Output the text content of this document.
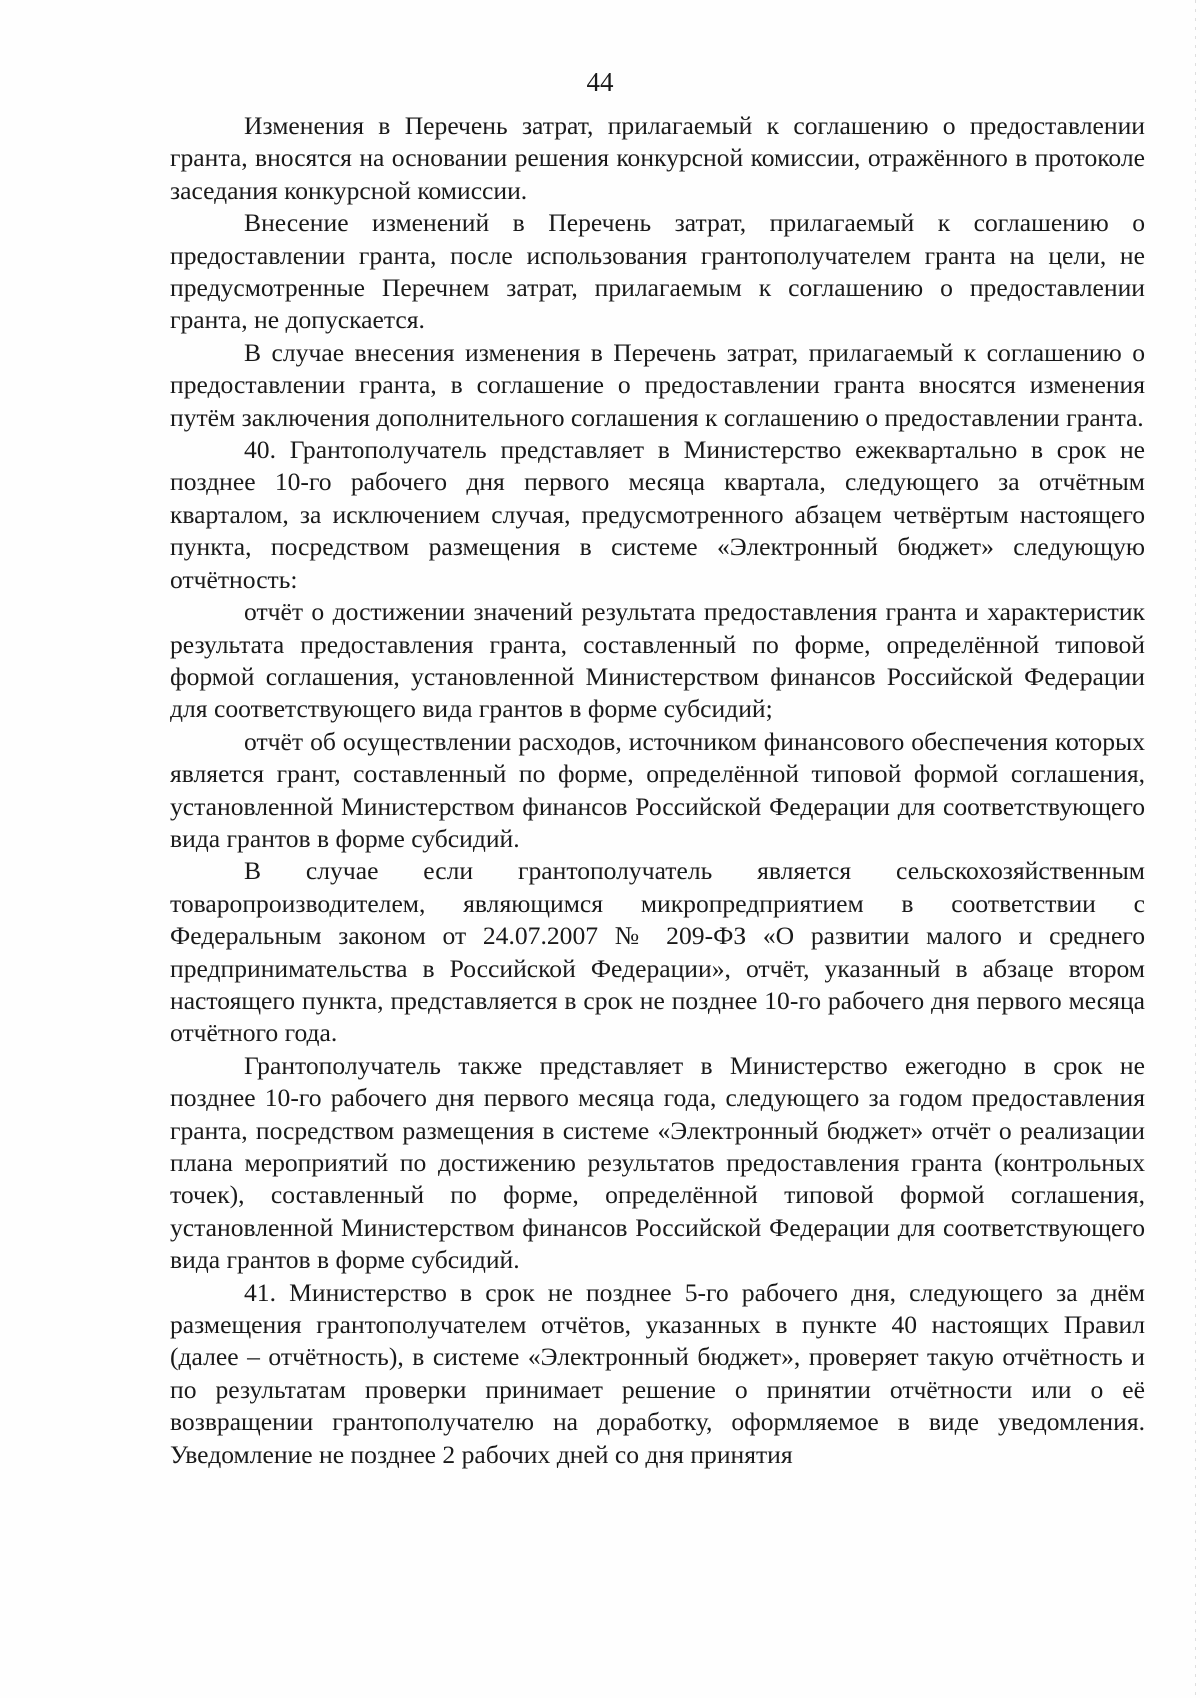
44

Изменения в Перечень затрат, прилагаемый к соглашению о предоставлении гранта, вносятся на основании решения конкурсной комиссии, отражённого в протоколе заседания конкурсной комиссии.

Внесение изменений в Перечень затрат, прилагаемый к соглашению о предоставлении гранта, после использования грантополучателем гранта на цели, не предусмотренные Перечнем затрат, прилагаемым к соглашению о предоставлении гранта, не допускается.

В случае внесения изменения в Перечень затрат, прилагаемый к соглашению о предоставлении гранта, в соглашение о предоставлении гранта вносятся изменения путём заключения дополнительного соглашения к соглашению о предоставлении гранта.

40. Грантополучатель представляет в Министерство ежеквартально в срок не позднее 10-го рабочего дня первого месяца квартала, следующего за отчётным кварталом, за исключением случая, предусмотренного абзацем четвёртым настоящего пункта, посредством размещения в системе «Электронный бюджет» следующую отчётность:

отчёт о достижении значений результата предоставления гранта и характеристик результата предоставления гранта, составленный по форме, определённой типовой формой соглашения, установленной Министерством финансов Российской Федерации для соответствующего вида грантов в форме субсидий;

отчёт об осуществлении расходов, источником финансового обеспечения которых является грант, составленный по форме, определённой типовой формой соглашения, установленной Министерством финансов Российской Федерации для соответствующего вида грантов в форме субсидий.

В случае если грантополучатель является сельскохозяйственным товаропроизводителем, являющимся микропредприятием в соответствии с Федеральным законом от 24.07.2007 № 209-ФЗ «О развитии малого и среднего предпринимательства в Российской Федерации», отчёт, указанный в абзаце втором настоящего пункта, представляется в срок не позднее 10-го рабочего дня первого месяца отчётного года.

Грантополучатель также представляет в Министерство ежегодно в срок не позднее 10-го рабочего дня первого месяца года, следующего за годом предоставления гранта, посредством размещения в системе «Электронный бюджет» отчёт о реализации плана мероприятий по достижению результатов предоставления гранта (контрольных точек), составленный по форме, определённой типовой формой соглашения, установленной Министерством финансов Российской Федерации для соответствующего вида грантов в форме субсидий.

41. Министерство в срок не позднее 5-го рабочего дня, следующего за днём размещения грантополучателем отчётов, указанных в пункте 40 настоящих Правил (далее – отчётность), в системе «Электронный бюджет», проверяет такую отчётность и по результатам проверки принимает решение о принятии отчётности или о её возвращении грантополучателю на доработку, оформляемое в виде уведомления. Уведомление не позднее 2 рабочих дней со дня принятия
